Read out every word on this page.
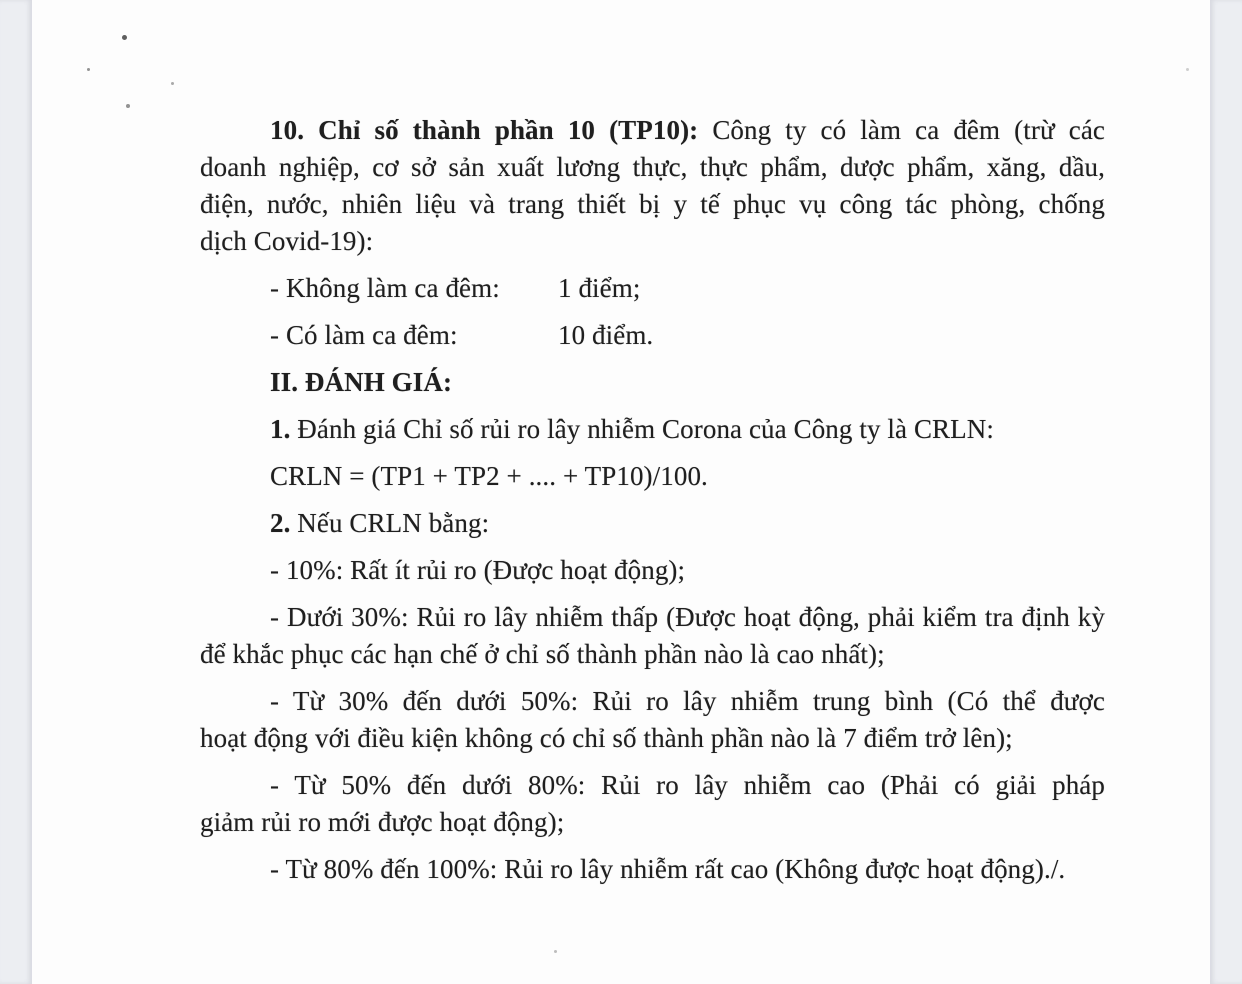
10. Chỉ số thành phần 10 (TP10): Công ty có làm ca đêm (trừ các
doanh nghiệp, cơ sở sản xuất lương thực, thực phẩm, dược phẩm, xăng, dầu,
điện, nước, nhiên liệu và trang thiết bị y tế phục vụ công tác phòng, chống
dịch Covid-19):
- Không làm ca đêm: 1 điểm;
- Có làm ca đêm:	10 điểm.
II. ĐÁNH GIÁ:
1. Đánh giá Chỉ số rủi ro lây nhiễm Corona của Công ty là CRLN:
CRLN = (TP1 + TP2 + .... + TP10)/100.
2. Nếu CRLN bằng:
- 10%: Rất ít rủi ro (Được hoạt động);
- Dưới 30%: Rủi ro lây nhiễm thấp (Được hoạt động, phải kiểm tra định kỳ
để khắc phục các hạn chế ở chỉ số thành phần nào là cao nhất);
- Từ 30% đến dưới 50%: Rủi ro lây nhiễm trung bình (Có thể được
hoạt động với điều kiện không có chỉ số thành phần nào là 7 điểm trở lên);
- Từ 50% đến dưới 80%: Rủi ro lây nhiễm cao (Phải có giải pháp
giảm rủi ro mới được hoạt động);
- Từ 80% đến 100%: Rủi ro lây nhiễm rất cao (Không được hoạt động)./.
